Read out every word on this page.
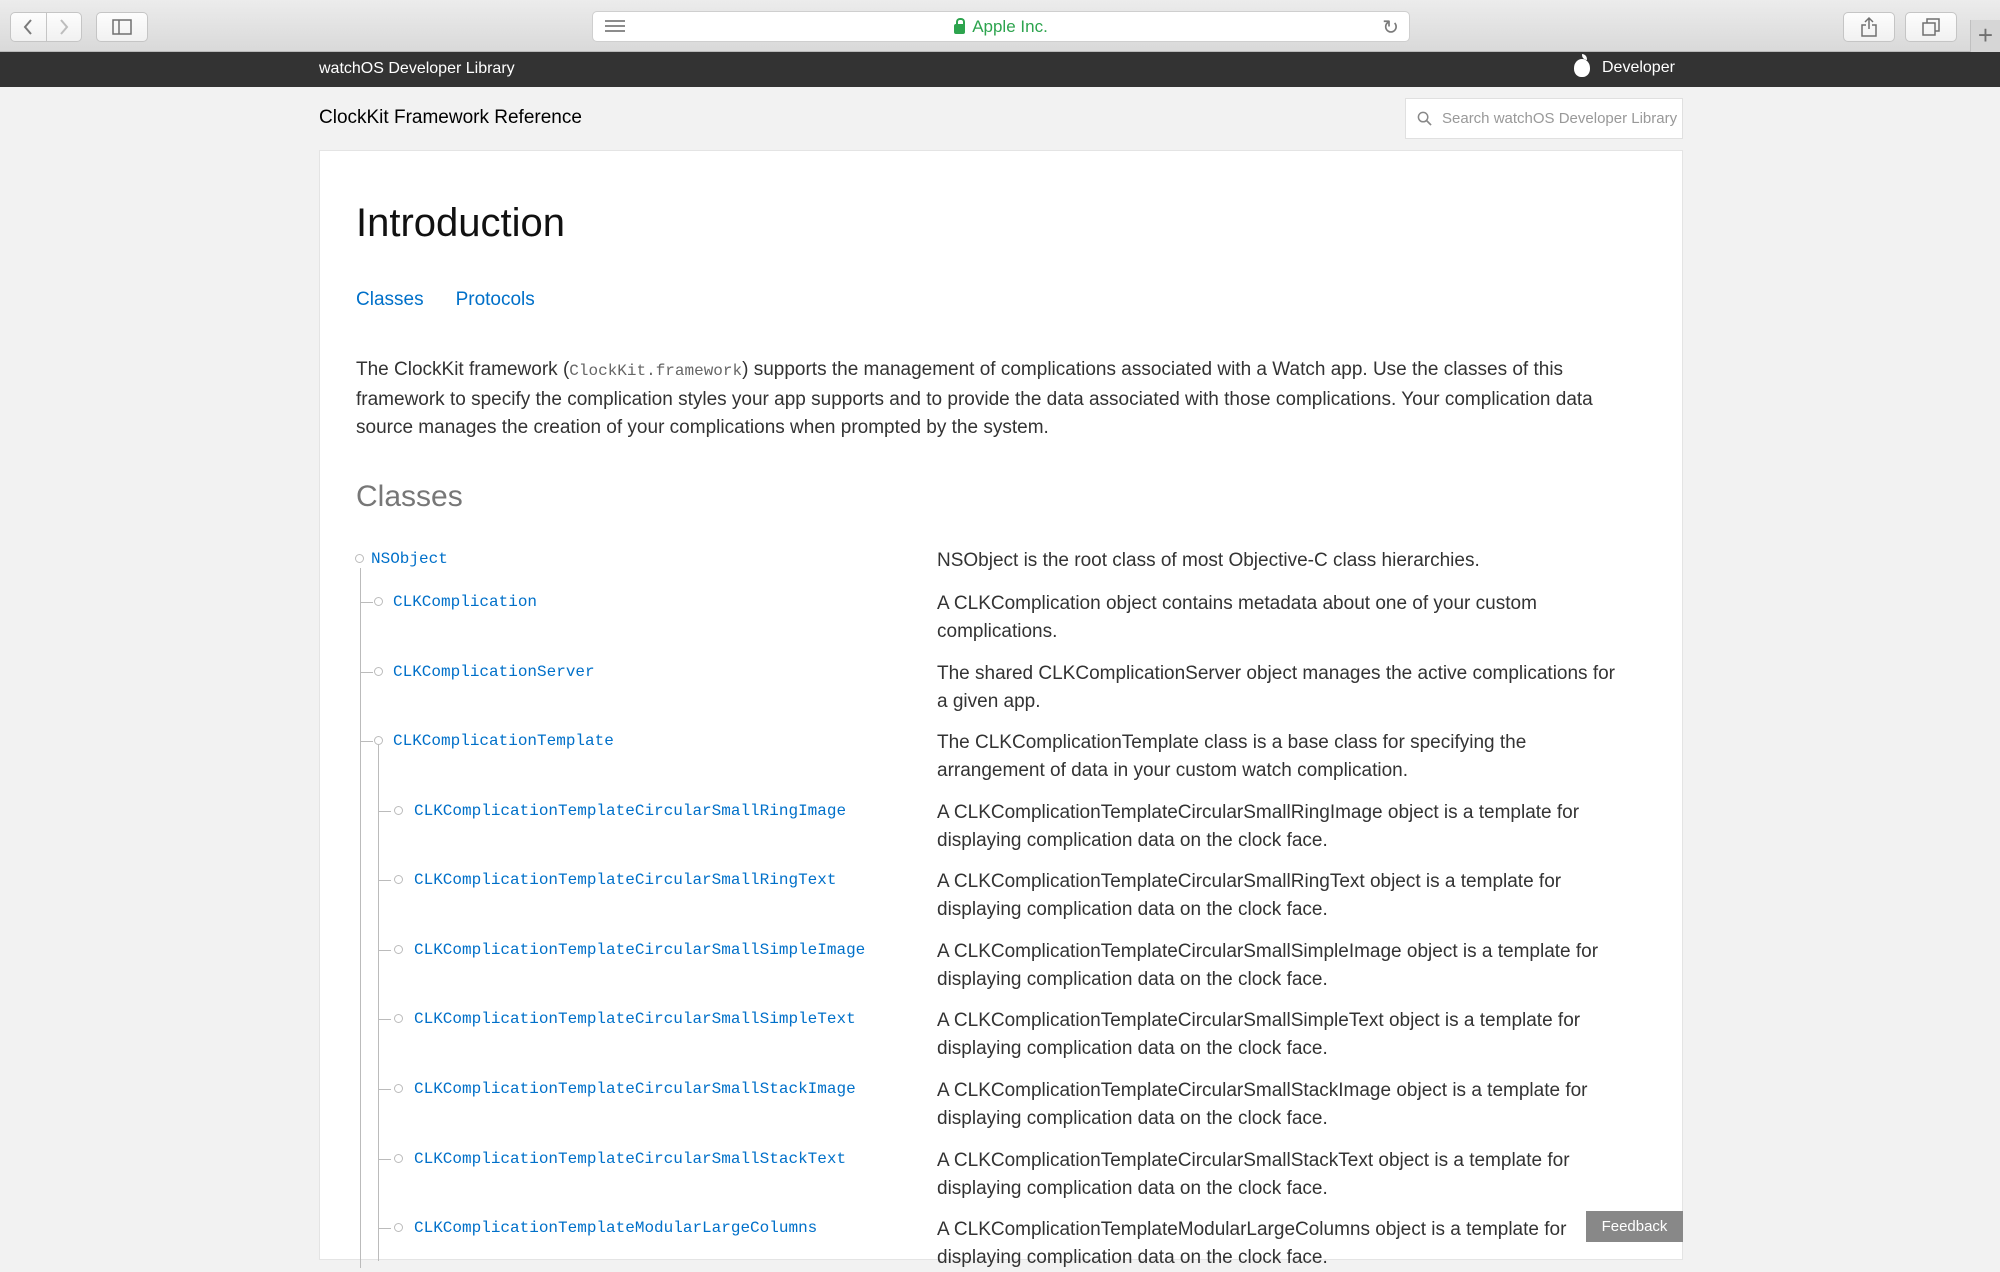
Apple Inc.	↻	+
watchOS Developer Library	Developer
ClockKit Framework Reference
Search watchOS Developer Library
Introduction
Classes Protocols

The ClockKit framework (ClockKit.framework) supports the management of complications associated with a Watch app. Use the classes of this framework to specify the complication styles your app supports and to provide the data associated with those complications. Your complication data source manages the creation of your complications when prompted by the system.

Classes
NSObject	NSObject is the root class of most Objective-C class hierarchies.
CLKComplication	A CLKComplication object contains metadata about one of your custom complications.
CLKComplicationServer	The shared CLKComplicationServer object manages the active complications for a given app.
CLKComplicationTemplate	The CLKComplicationTemplate class is a base class for specifying the arrangement of data in your custom watch complication.
CLKComplicationTemplateCircularSmallRingImage	A CLKComplicationTemplateCircularSmallRingImage object is a template for displaying complication data on the clock face.
CLKComplicationTemplateCircularSmallRingText	A CLKComplicationTemplateCircularSmallRingText object is a template for displaying complication data on the clock face.
CLKComplicationTemplateCircularSmallSimpleImage	A CLKComplicationTemplateCircularSmallSimpleImage object is a template for displaying complication data on the clock face.
CLKComplicationTemplateCircularSmallSimpleText	A CLKComplicationTemplateCircularSmallSimpleText object is a template for displaying complication data on the clock face.
CLKComplicationTemplateCircularSmallStackImage	A CLKComplicationTemplateCircularSmallStackImage object is a template for displaying complication data on the clock face.
CLKComplicationTemplateCircularSmallStackText	A CLKComplicationTemplateCircularSmallStackText object is a template for displaying complication data on the clock face.
CLKComplicationTemplateModularLargeColumns	A CLKComplicationTemplateModularLargeColumns object is a template for displaying complication data on the clock face.
Feedback
